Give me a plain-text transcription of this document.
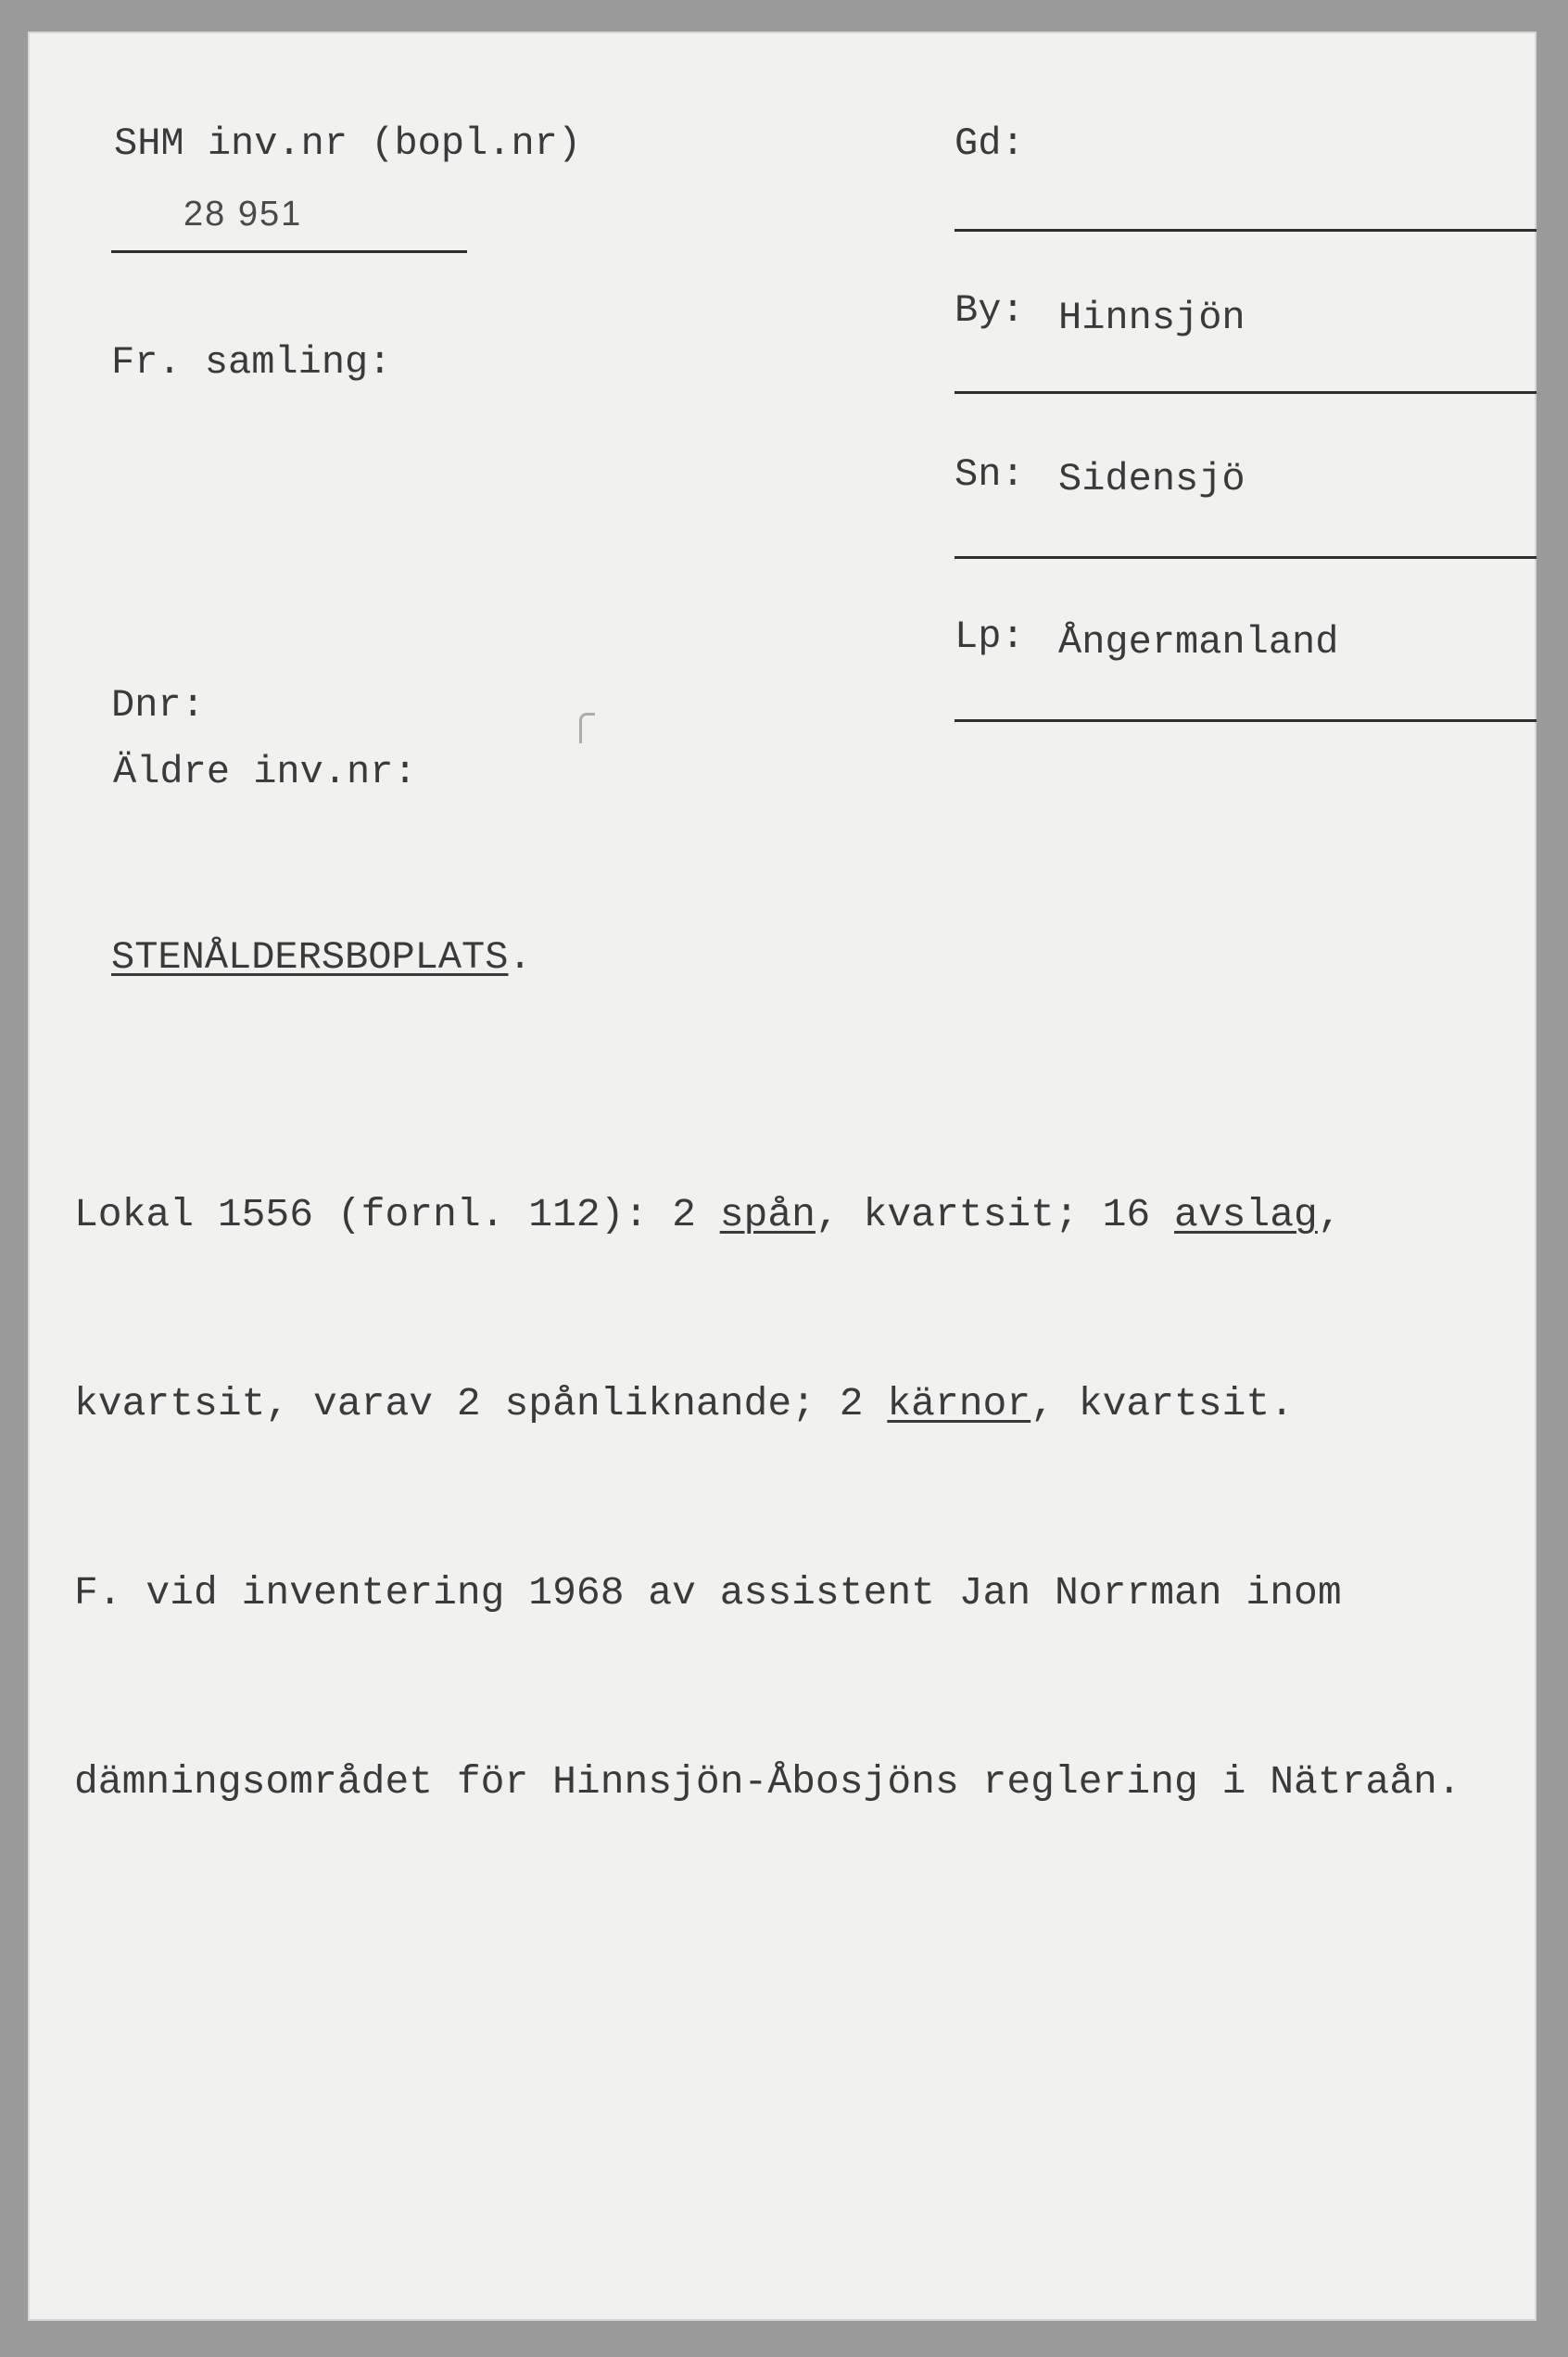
SHM inv.nr (bopl.nr)
28 951
Fr. samling:
Dnr:
Äldre inv.nr:
Gd:
By: Hinnsjön
Sn: Sidensjö
Lp: Ångermanland
STENÅLDERSBOPLATS.

Lokal 1556 (fornl. 112): 2 spån, kvartsit; 16 avslag,

kvartsit, varav 2 spånliknande; 2 kärnor, kvartsit.

F. vid inventering 1968 av assistent Jan Norrman inom

dämningsområdet för Hinnsjön-Åbosjöns reglering i Nätraån.
